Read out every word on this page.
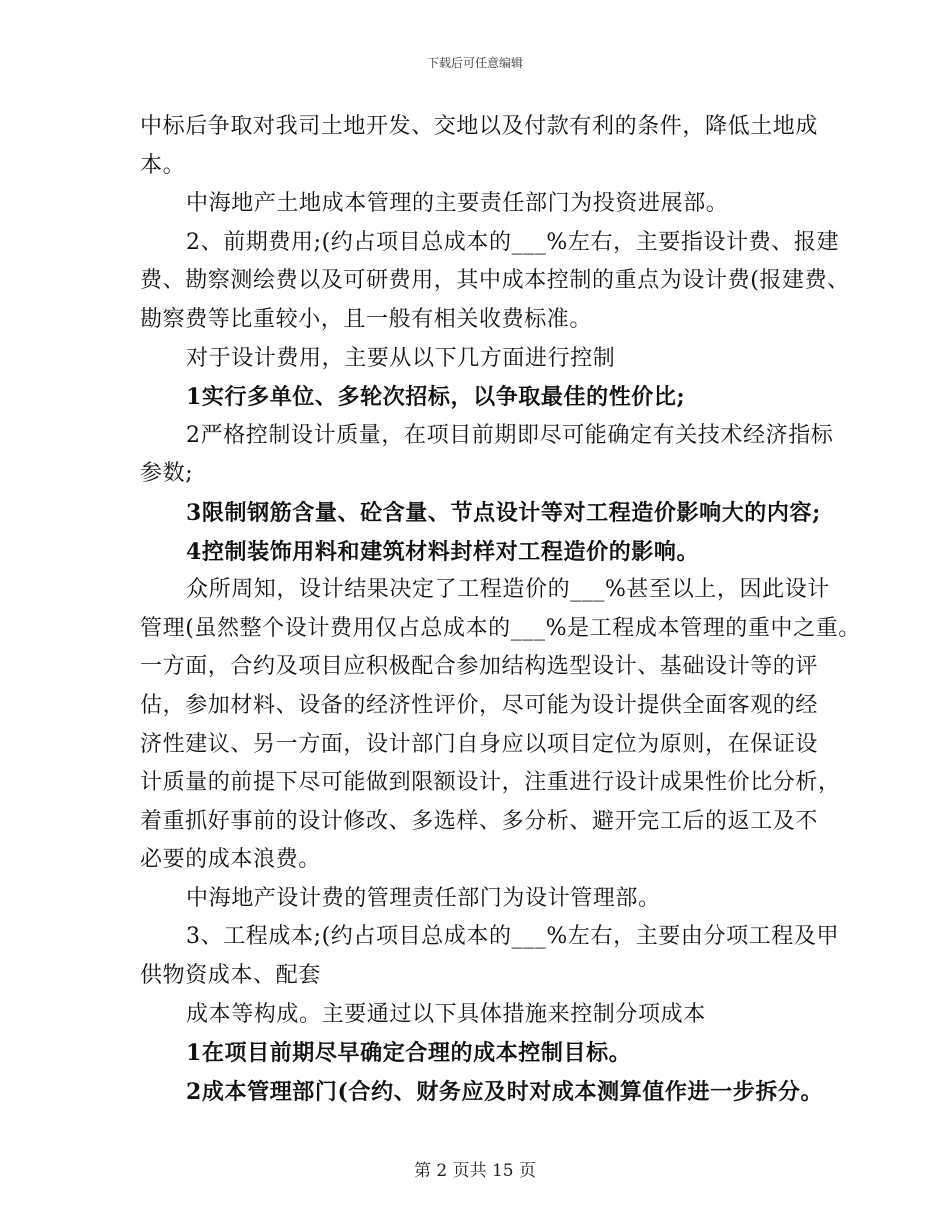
下载后可任意编辑
中标后争取对我司土地开发、交地以及付款有利的条件，降低土地成
本。
中海地产土地成本管理的主要责任部门为投资进展部。
2、前期费用;(约占项目总成本的___%左右，主要指设计费、报建
费、勘察测绘费以及可研费用，其中成本控制的重点为设计费(报建费、
勘察费等比重较小，且一般有相关收费标准。
对于设计费用，主要从以下几方面进行控制
1实行多单位、多轮次招标，以争取最佳的性价比;
2严格控制设计质量，在项目前期即尽可能确定有关技术经济指标
参数;
3限制钢筋含量、砼含量、节点设计等对工程造价影响大的内容;
4控制装饰用料和建筑材料封样对工程造价的影响。
众所周知，设计结果决定了工程造价的___%甚至以上，因此设计
管理(虽然整个设计费用仅占总成本的___%是工程成本管理的重中之重。
一方面，合约及项目应积极配合参加结构选型设计、基础设计等的评
估，参加材料、设备的经济性评价，尽可能为设计提供全面客观的经
济性建议、另一方面，设计部门自身应以项目定位为原则，在保证设
计质量的前提下尽可能做到限额设计，注重进行设计成果性价比分析，
着重抓好事前的设计修改、多选样、多分析、避开完工后的返工及不
必要的成本浪费。
中海地产设计费的管理责任部门为设计管理部。
3、工程成本;(约占项目总成本的___%左右，主要由分项工程及甲
供物资成本、配套
成本等构成。主要通过以下具体措施来控制分项成本
1在项目前期尽早确定合理的成本控制目标。
2成本管理部门(合约、财务应及时对成本测算值作进一步拆分。
第 2 页共 15 页
